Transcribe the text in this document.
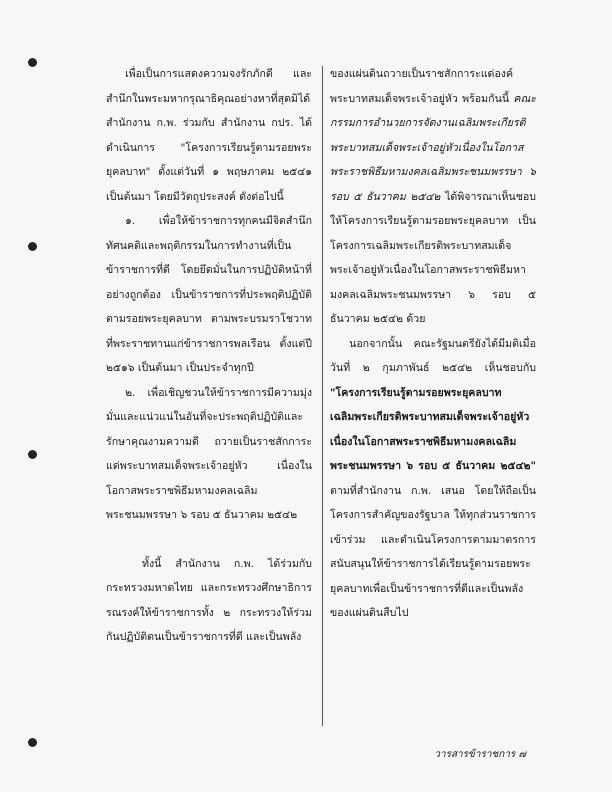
เพื่อเป็นการแสดงความจงรักภักดี และสำนึกในพระมหากรุณาธิคุณอย่างหาที่สุดมิได้ สำนักงาน ก.พ. ร่วมกับ สำนักงาน กปร. ได้ดำเนินการ "โครงการเรียนรู้ตามรอยพระยุคลบาท" ตั้งแต่วันที่ ๑ พฤษภาคม ๒๕๔๑ เป็นต้นมา โดยมีวัตถุประสงค์ ดังต่อไปนี้

๑. เพื่อให้ข้าราชการทุกคนมีจิตสำนึก ทัศนคติและพฤติกรรมในการทำงานที่เป็นข้าราชการที่ดี โดยยึดมั่นในการปฏิบัติหน้าที่อย่างถูกต้อง เป็นข้าราชการที่ประพฤติปฏิบัติตามรอยพระยุคลบาท ตามพระบรมราโชวาทที่พระราชทานแก่ข้าราชการพลเรือน ตั้งแต่ปี ๒๕๑๖ เป็นต้นมา เป็นประจำทุกปี

๒. เพื่อเชิญชวนให้ข้าราชการมีความมุ่งมั่นและแน่วแน่ในอันที่จะประพฤติปฏิบัติและรักษาคุณงามความดี ถวายเป็นราชสักการะแด่พระบาทสมเด็จพระเจ้าอยู่หัว เนื่องในโอกาสพระราชพิธีมหามงคลเฉลิมพระชนมพรรษา ๖ รอบ ๕ ธันวาคม ๒๕๔๒

ทั้งนี้ สำนักงาน ก.พ. ได้ร่วมกับกระทรวงมหาดไทย และกระทรวงศึกษาธิการ รณรงค์ให้ข้าราชการทั้ง ๒ กระทรวงให้ร่วมกันปฏิบัติตนเป็นข้าราชการที่ดี และเป็นพลัง

ของแผ่นดินถวายเป็นราชสักการะแด่องค์พระบาทสมเด็จพระเจ้าอยู่หัว พร้อมกันนี้ คณะกรรมการอำนวยการจัดงานเฉลิมพระเกียรติพระบาทสมเด็จพระเจ้าอยู่หัวเนื่องในโอกาสพระราชพิธีมหามงคลเฉลิมพระชนมพรรษา ๖ รอบ ๕ ธันวาคม ๒๕๔๒ ได้พิจารณาเห็นชอบให้โครงการเรียนรู้ตามรอยพระยุคลบาท เป็นโครงการเฉลิมพระเกียรติพระบาทสมเด็จพระเจ้าอยู่หัวเนื่องในโอกาสพระราชพิธีมหามงคลเฉลิมพระชนมพรรษา ๖ รอบ ๕ ธันวาคม ๒๕๔๒ ด้วย

นอกจากนั้น คณะรัฐมนตรียังได้มีมติเมื่อวันที่ ๒ กุมภาพันธ์ ๒๕๔๒ เห็นชอบกับ "โครงการเรียนรู้ตามรอยพระยุคลบาทเฉลิมพระเกียรติพระบาทสมเด็จพระเจ้าอยู่หัวเนื่องในโอกาสพระราชพิธีมหามงคลเฉลิมพระชนมพรรษา ๖ รอบ ๕ ธันวาคม ๒๕๔๒" ตามที่สำนักงาน ก.พ. เสนอ โดยให้ถือเป็นโครงการสำคัญของรัฐบาล ให้ทุกส่วนราชการเข้าร่วม และดำเนินโครงการตามมาตรการสนับสนุนให้ข้าราชการได้เรียนรู้ตามรอยพระยุคลบาทเพื่อเป็นข้าราชการที่ดีและเป็นพลังของแผ่นดินสืบไป

วารสารข้าราชการ ๗
